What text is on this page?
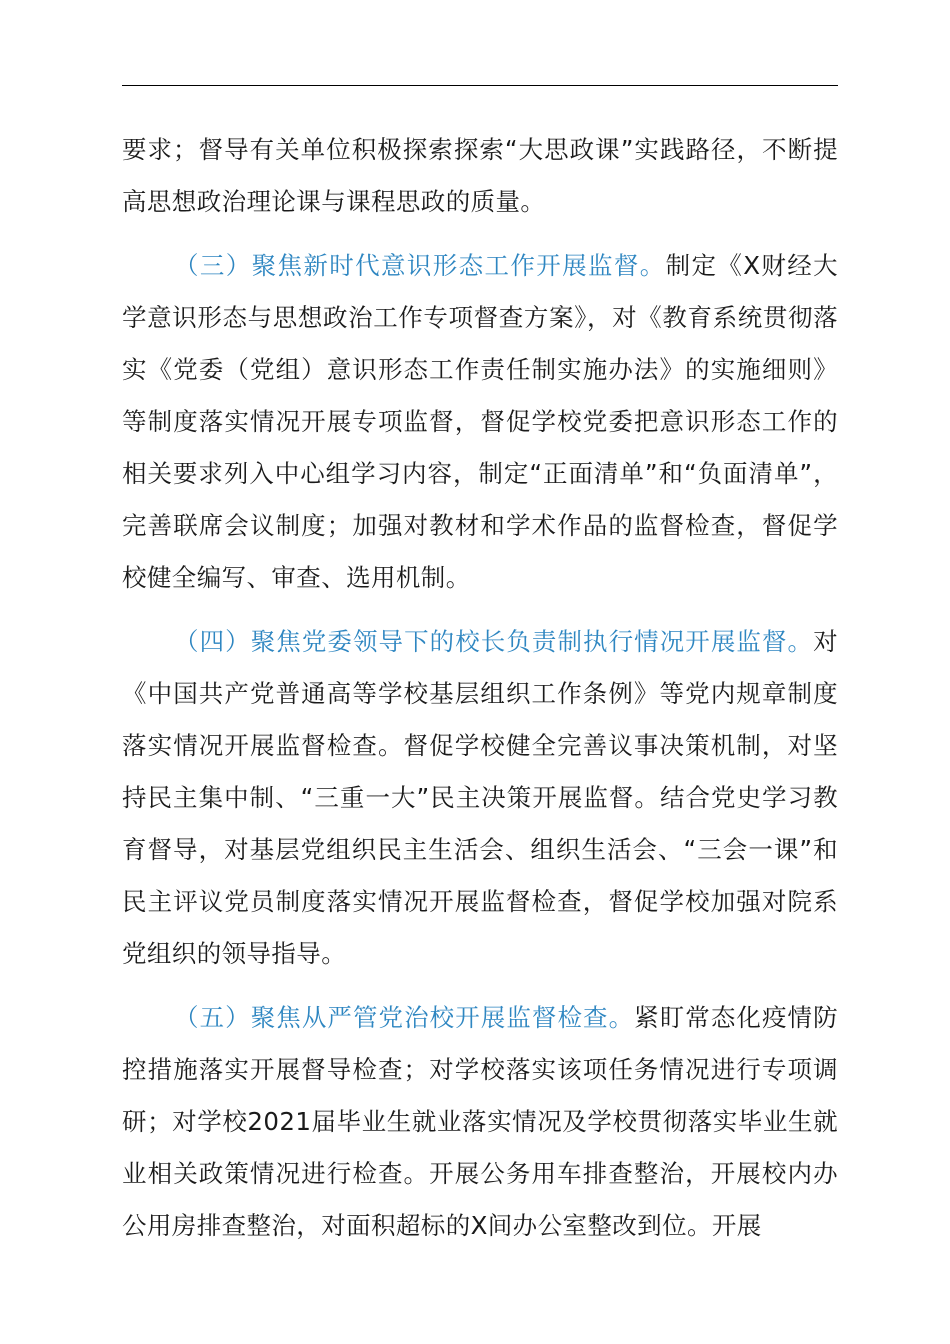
要求；督导有关单位积极探索探索“大思政课”实践路径，不断提高思想政治理论课与课程思政的质量。

（三）聚焦新时代意识形态工作开展监督。制定《X财经大学意识形态与思想政治工作专项督查方案》，对《教育系统贯彻落实《党委（党组）意识形态工作责任制实施办法》的实施细则》等制度落实情况开展专项监督，督促学校党委把意识形态工作的相关要求列入中心组学习内容，制定“正面清单”和“负面清单”，完善联席会议制度；加强对教材和学术作品的监督检查，督促学校健全编写、审查、选用机制。

（四）聚焦党委领导下的校长负责制执行情况开展监督。对《中国共产党普通高等学校基层组织工作条例》等党内规章制度落实情况开展监督检查。督促学校健全完善议事决策机制，对坚持民主集中制、“三重一大”民主决策开展监督。结合党史学习教育督导，对基层党组织民主生活会、组织生活会、“三会一课”和民主评议党员制度落实情况开展监督检查，督促学校加强对院系党组织的领导指导。

（五）聚焦从严管党治校开展监督检查。紧盯常态化疫情防控措施落实开展督导检查；对学校落实该项任务情况进行专项调研；对学校2021届毕业生就业落实情况及学校贯彻落实毕业生就业相关政策情况进行检查。开展公务用车排查整治，开展校内办公用房排查整治，对面积超标的X间办公室整改到位。开展
